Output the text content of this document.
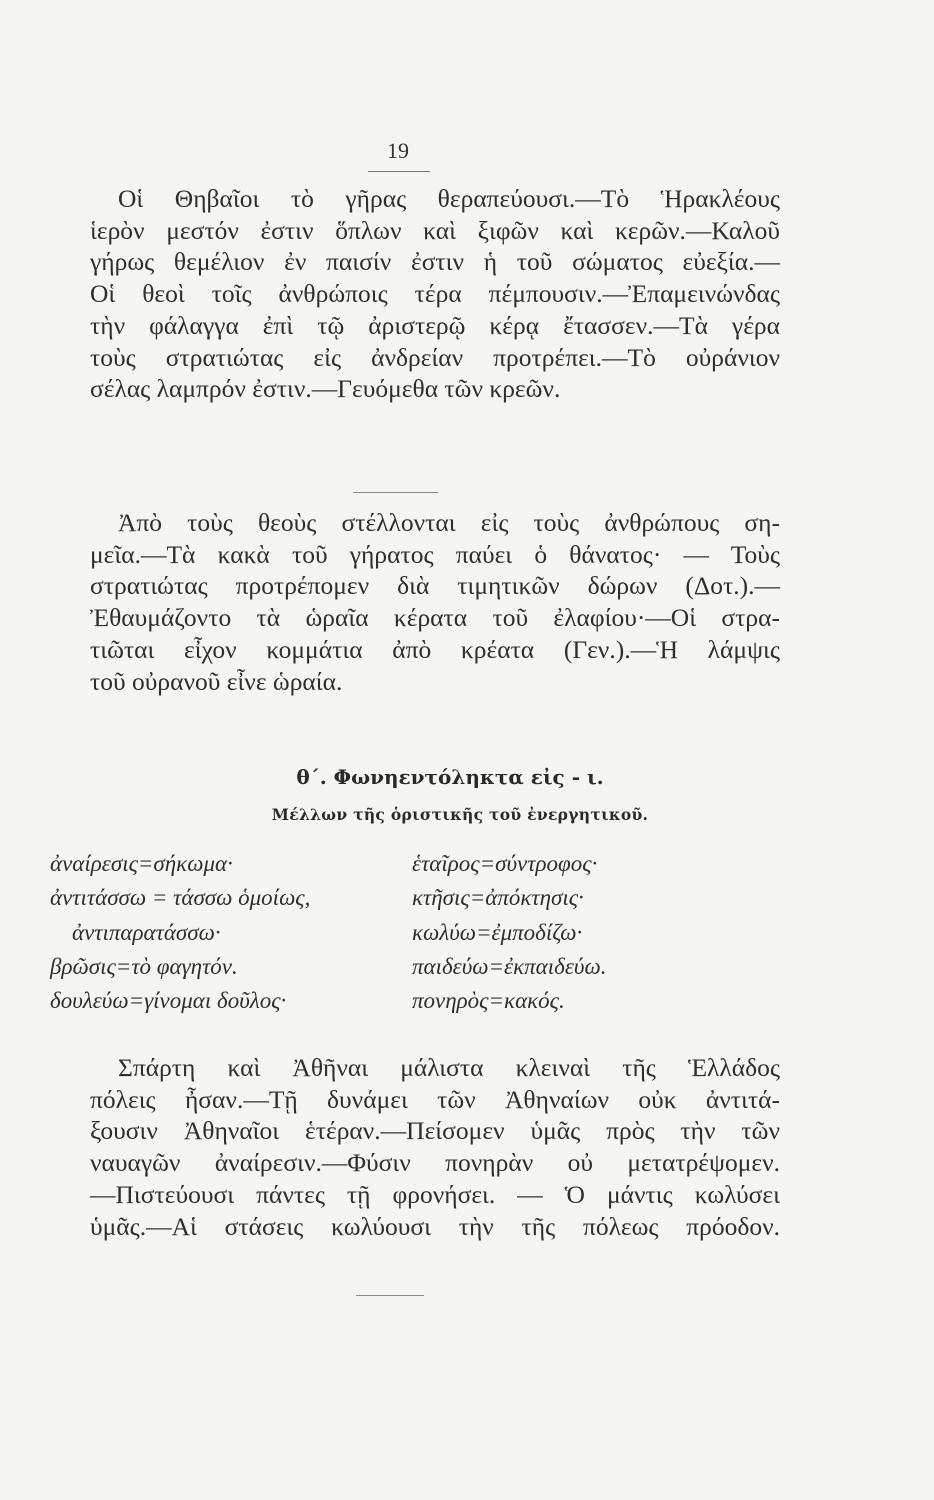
19
Οἱ Θηβαῖοι τὸ γῆρας θεραπεύουσι.—Τὸ Ἡρακλέους
ἱερὸν μεστόν ἐστιν ὅπλων καὶ ξιφῶν καὶ κερῶν.—Καλοῦ
γήρως θεμέλιον ἐν παισίν ἐστιν ἡ τοῦ σώματος εὐεξία.—
Οἱ θεοὶ τοῖς ἀνθρώποις τέρα πέμπουσιν.—Ἐπαμεινώνδας
τὴν φάλαγγα ἐπὶ τῷ ἀριστερῷ κέρᾳ ἔτασσεν.—Τὰ γέρα
τοὺς στρατιώτας εἰς ἀνδρείαν προτρέπει.—Τὸ οὐράνιον
σέλας λαμπρόν ἐστιν.—Γευόμεθα τῶν κρεῶν.
Ἀπὸ τοὺς θεοὺς στέλλονται εἰς τοὺς ἀνθρώπους ση-
μεῖα.—Τὰ κακὰ τοῦ γήρατος παύει ὁ θάνατος· — Τοὺς
στρατιώτας προτρέπομεν διὰ τιμητικῶν δώρων (Δοτ.).—
Ἐθαυμάζοντο τὰ ὡραῖα κέρατα τοῦ ἐλαφίου·—Οἱ στρα-
τιῶται εἶχον κομμάτια ἀπὸ κρέατα (Γεν.).—Ἡ λάμψις
τοῦ οὐρανοῦ εἶνε ὡραία.
θ΄. Φωνηεντόληκτα εἰς - ι.
Μέλλων τῆς ὁριστικῆς τοῦ ἐνεργητικοῦ.
ἀναίρεσις=σήκωμα·
ἀντιτάσσω = τάσσω ὁμοίως,
ἀντιπαρατάσσω·
βρῶσις=τὸ φαγητόν.
δουλεύω=γίνομαι δοῦλος·
ἑταῖρος=σύντροφος·
κτῆσις=ἀπόκτησις·
κωλύω=ἐμποδίζω·
παιδεύω=ἐκπαιδεύω.
πονηρὸς=κακός.
Σπάρτη καὶ Ἀθῆναι μάλιστα κλειναὶ τῆς Ἑλλάδος
πόλεις ἦσαν.—Τῇ δυνάμει τῶν Ἀθηναίων οὐκ ἀντιτά-
ξουσιν Ἀθηναῖοι ἑτέραν.—Πείσομεν ὑμᾶς πρὸς τὴν τῶν
ναυαγῶν ἀναίρεσιν.—Φύσιν πονηρὰν οὐ μετατρέψομεν.
—Πιστεύουσι πάντες τῇ φρονήσει. — Ὁ μάντις κωλύσει
ὑμᾶς.—Αἱ στάσεις κωλύουσι τὴν τῆς πόλεως πρόοδον.
